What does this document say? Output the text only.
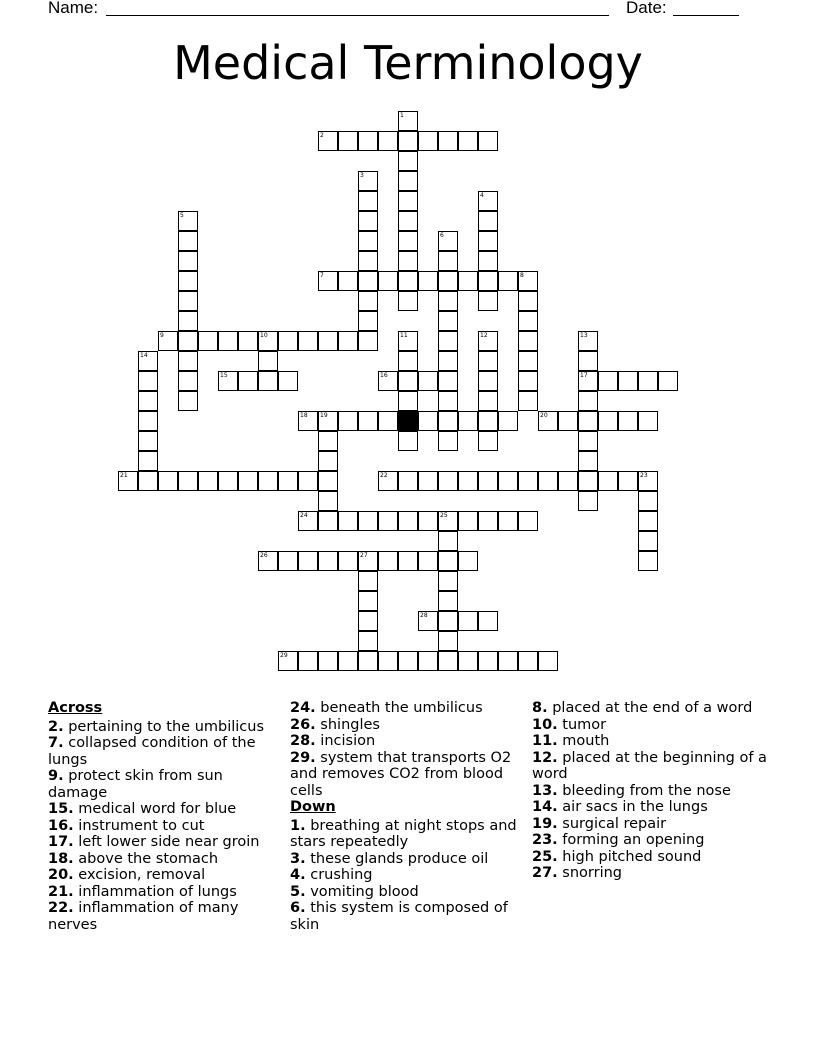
Name:	Date:
Medical Terminology
1
2
3
4
5
6
7	8
9	10	11	12	13
17
14
15	16
18 19	20
21	22	23
24	25
26	27
28
29
Across
2. pertaining to the umbilicus
7. collapsed condition of the lungs
9. protect skin from sun damage
15. medical word for blue
16. instrument to cut
17. left lower side near groin
18. above the stomach
20. excision, removal
21. inflammation of lungs
22. inflammation of many nerves
24. beneath the umbilicus
26. shingles
28. incision
29. system that transports O2 and removes CO2 from blood cells
Down
1. breathing at night stops and stars repeatedly
3. these glands produce oil
4. crushing
5. vomiting blood
6. this system is composed of skin
8. placed at the end of a word
10. tumor
11. mouth
12. placed at the beginning of a word
13. bleeding from the nose
14. air sacs in the lungs
19. surgical repair
23. forming an opening
25. high pitched sound
27. snorring
